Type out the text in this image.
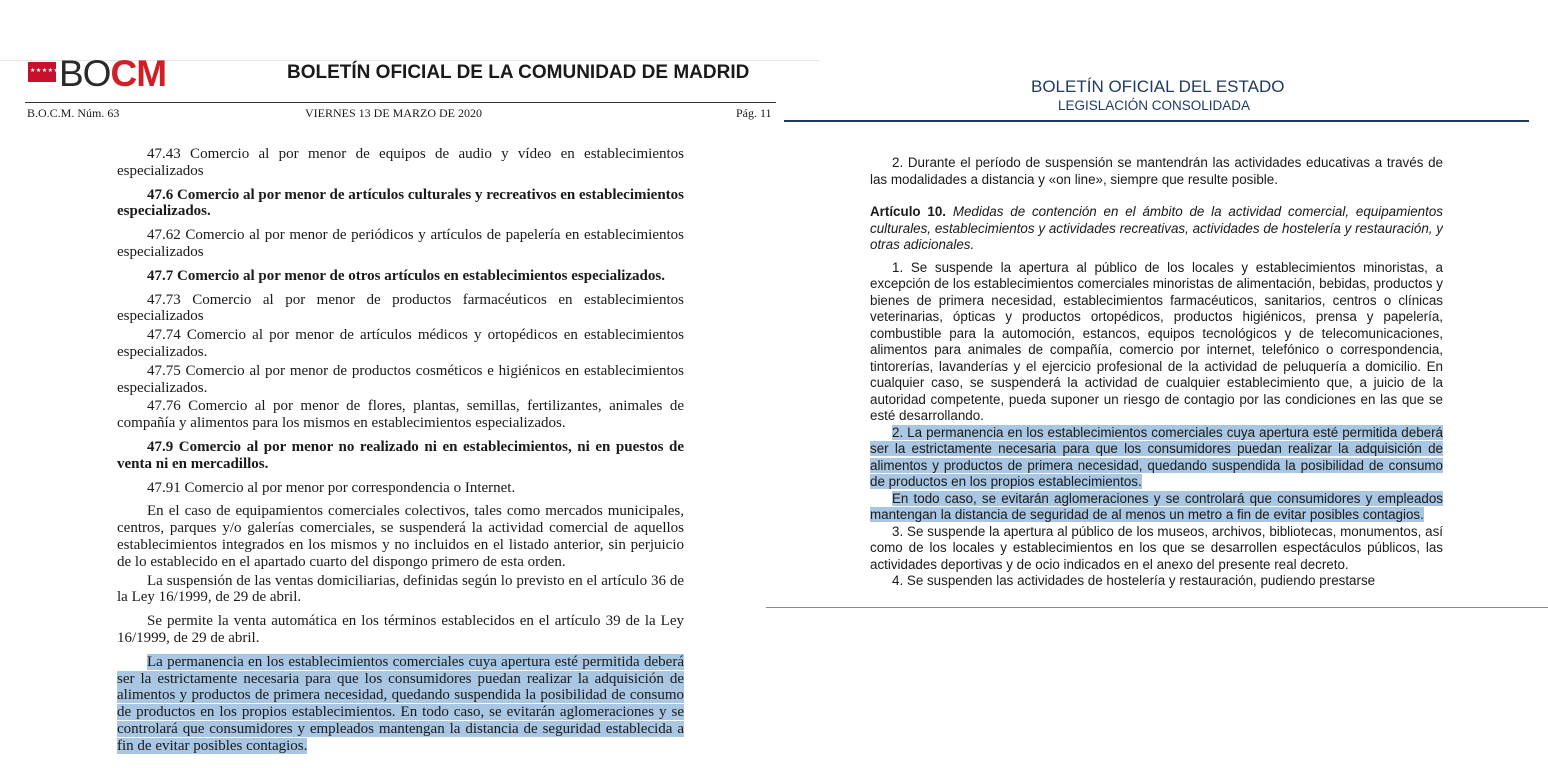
★★★★★★★
BOCM	BOLETÍN OFICIAL DE LA COMUNIDAD DE MADRID
B.O.C.M. Núm. 63	VIERNES 13 DE MARZO DE 2020	Pág. 11

47.43 Comercio al por menor de equipos de audio y vídeo en establecimientos especializados

47.6 Comercio al por menor de artículos culturales y recreativos en establecimientos especializados.

47.62 Comercio al por menor de periódicos y artículos de papelería en establecimientos especializados

47.7 Comercio al por menor de otros artículos en establecimientos especializados.

47.73 Comercio al por menor de productos farmacéuticos en establecimientos especializados

47.74 Comercio al por menor de artículos médicos y ortopédicos en establecimientos especializados.

47.75 Comercio al por menor de productos cosméticos e higiénicos en establecimientos especializados.

47.76 Comercio al por menor de flores, plantas, semillas, fertilizantes, animales de compañía y alimentos para los mismos en establecimientos especializados.

47.9 Comercio al por menor no realizado ni en establecimientos, ni en puestos de venta ni en mercadillos.

47.91 Comercio al por menor por correspondencia o Internet.

En el caso de equipamientos comerciales colectivos, tales como mercados municipales, centros, parques y/o galerías comerciales, se suspenderá la actividad comercial de aquellos establecimientos integrados en los mismos y no incluidos en el listado anterior, sin perjuicio de lo establecido en el apartado cuarto del dispongo primero de esta orden.

La suspensión de las ventas domiciliarias, definidas según lo previsto en el artículo 36 de la Ley 16/1999, de 29 de abril.

Se permite la venta automática en los términos establecidos en el artículo 39 de la Ley 16/1999, de 29 de abril.

La permanencia en los establecimientos comerciales cuya apertura esté permitida deberá ser la estrictamente necesaria para que los consumidores puedan realizar la adquisición de alimentos y productos de primera necesidad, quedando suspendida la posibilidad de consumo de productos en los propios establecimientos. En todo caso, se evitarán aglomeraciones y se controlará que consumidores y empleados mantengan la distancia de seguridad establecida a fin de evitar posibles contagios.

BOLETÍN OFICIAL DEL ESTADO
LEGISLACIÓN CONSOLIDADA

2. Durante el período de suspensión se mantendrán las actividades educativas a través de las modalidades a distancia y «on line», siempre que resulte posible.

Artículo 10. Medidas de contención en el ámbito de la actividad comercial, equipamientos culturales, establecimientos y actividades recreativas, actividades de hostelería y restauración, y otras adicionales.

1. Se suspende la apertura al público de los locales y establecimientos minoristas, a excepción de los establecimientos comerciales minoristas de alimentación, bebidas, productos y bienes de primera necesidad, establecimientos farmacéuticos, sanitarios, centros o clínicas veterinarias, ópticas y productos ortopédicos, productos higiénicos, prensa y papelería, combustible para la automoción, estancos, equipos tecnológicos y de telecomunicaciones, alimentos para animales de compañía, comercio por internet, telefónico o correspondencia, tintorerías, lavanderías y el ejercicio profesional de la actividad de peluquería a domicilio. En cualquier caso, se suspenderá la actividad de cualquier establecimiento que, a juicio de la autoridad competente, pueda suponer un riesgo de contagio por las condiciones en las que se esté desarrollando.

2. La permanencia en los establecimientos comerciales cuya apertura esté permitida deberá ser la estrictamente necesaria para que los consumidores puedan realizar la adquisición de alimentos y productos de primera necesidad, quedando suspendida la posibilidad de consumo de productos en los propios establecimientos.

En todo caso, se evitarán aglomeraciones y se controlará que consumidores y empleados mantengan la distancia de seguridad de al menos un metro a fin de evitar posibles contagios.

3. Se suspende la apertura al público de los museos, archivos, bibliotecas, monumentos, así como de los locales y establecimientos en los que se desarrollen espectáculos públicos, las actividades deportivas y de ocio indicados en el anexo del presente real decreto.

4. Se suspenden las actividades de hostelería y restauración, pudiendo prestarse
